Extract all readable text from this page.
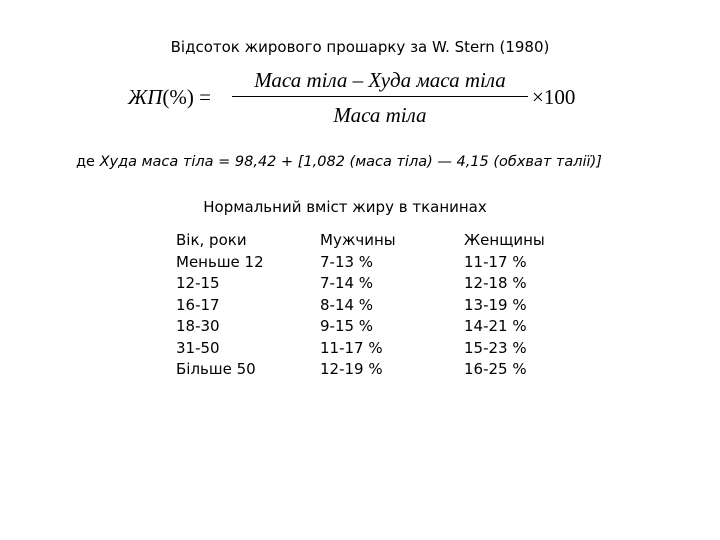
Відсоток жирового прошарку за W. Stern (1980)
ЖП(%) =
Маса тіла – Худа маса тіла
Маса тіла
×100
де Худа маса тіла = 98,42 + [1,082 (маса тіла) — 4,15 (обхват талії)]
Нормальний вміст жиру в тканинах
Вік, роки
Меньше 12
12-15
16-17
18-30
31-50
Більше 50
Мужчины
7-13 %
7-14 %
8-14 %
9-15 %
11-17 %
12-19 %
Женщины
11-17 %
12-18 %
13-19 %
14-21 %
15-23 %
16-25 %
